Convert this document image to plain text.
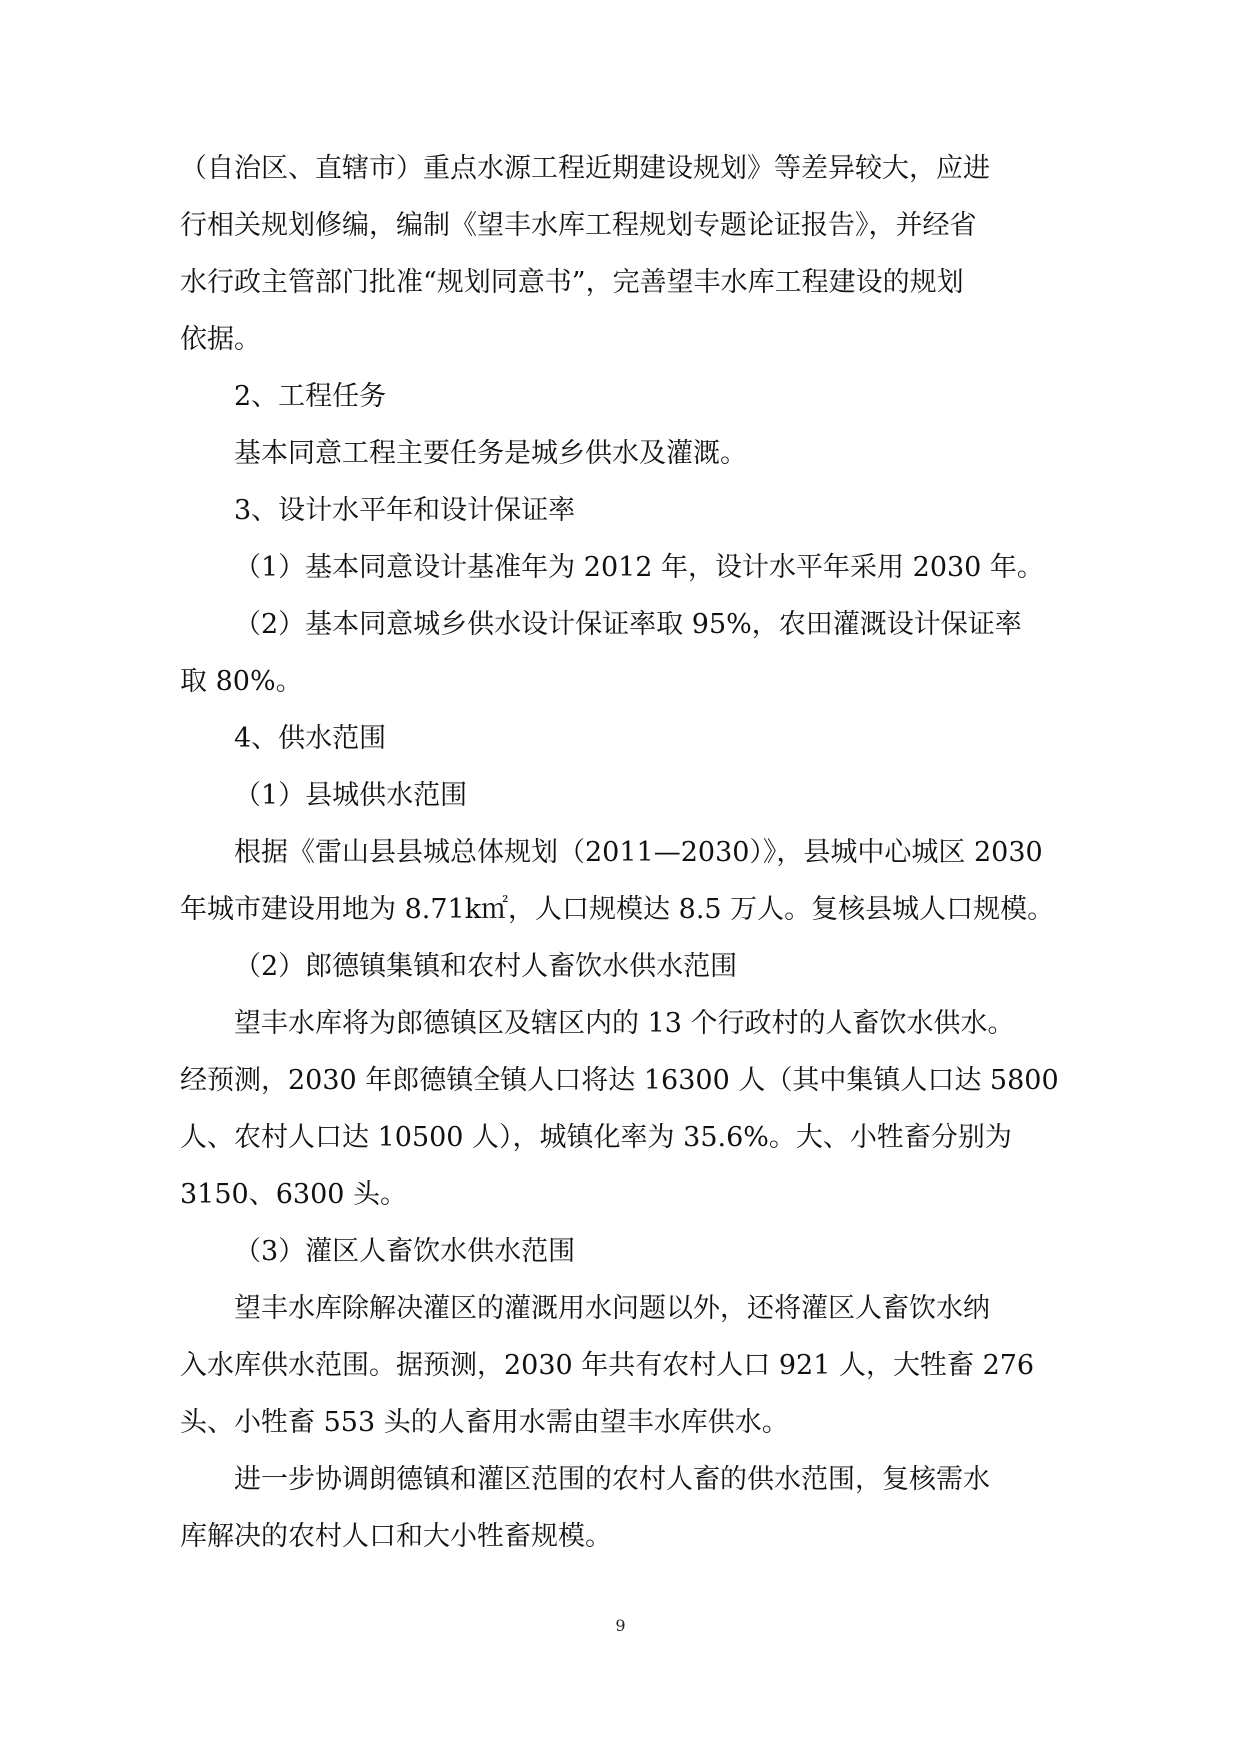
（自治区、直辖市）重点水源工程近期建设规划》等差异较大，应进
行相关规划修编，编制《望丰水库工程规划专题论证报告》，并经省
水行政主管部门批准“规划同意书”，完善望丰水库工程建设的规划
依据。

2、工程任务

基本同意工程主要任务是城乡供水及灌溉。

3、设计水平年和设计保证率

（1）基本同意设计基准年为 2012 年，设计水平年采用 2030 年。

（2）基本同意城乡供水设计保证率取 95%，农田灌溉设计保证率
取 80%。

4、供水范围

（1）县城供水范围

根据《雷山县县城总体规划（2011—2030）》，县城中心城区 2030
年城市建设用地为 8.71k㎡，人口规模达 8.5 万人。复核县城人口规模。

（2）郎德镇集镇和农村人畜饮水供水范围

望丰水库将为郎德镇区及辖区内的 13 个行政村的人畜饮水供水。
经预测，2030 年郎德镇全镇人口将达 16300 人（其中集镇人口达 5800
人、农村人口达 10500 人），城镇化率为 35.6%。大、小牲畜分别为
3150、6300 头。

（3）灌区人畜饮水供水范围

望丰水库除解决灌区的灌溉用水问题以外，还将灌区人畜饮水纳
入水库供水范围。据预测，2030 年共有农村人口 921 人，大牲畜 276
头、小牲畜 553 头的人畜用水需由望丰水库供水。

进一步协调朗德镇和灌区范围的农村人畜的供水范围，复核需水
库解决的农村人口和大小牲畜规模。

9
